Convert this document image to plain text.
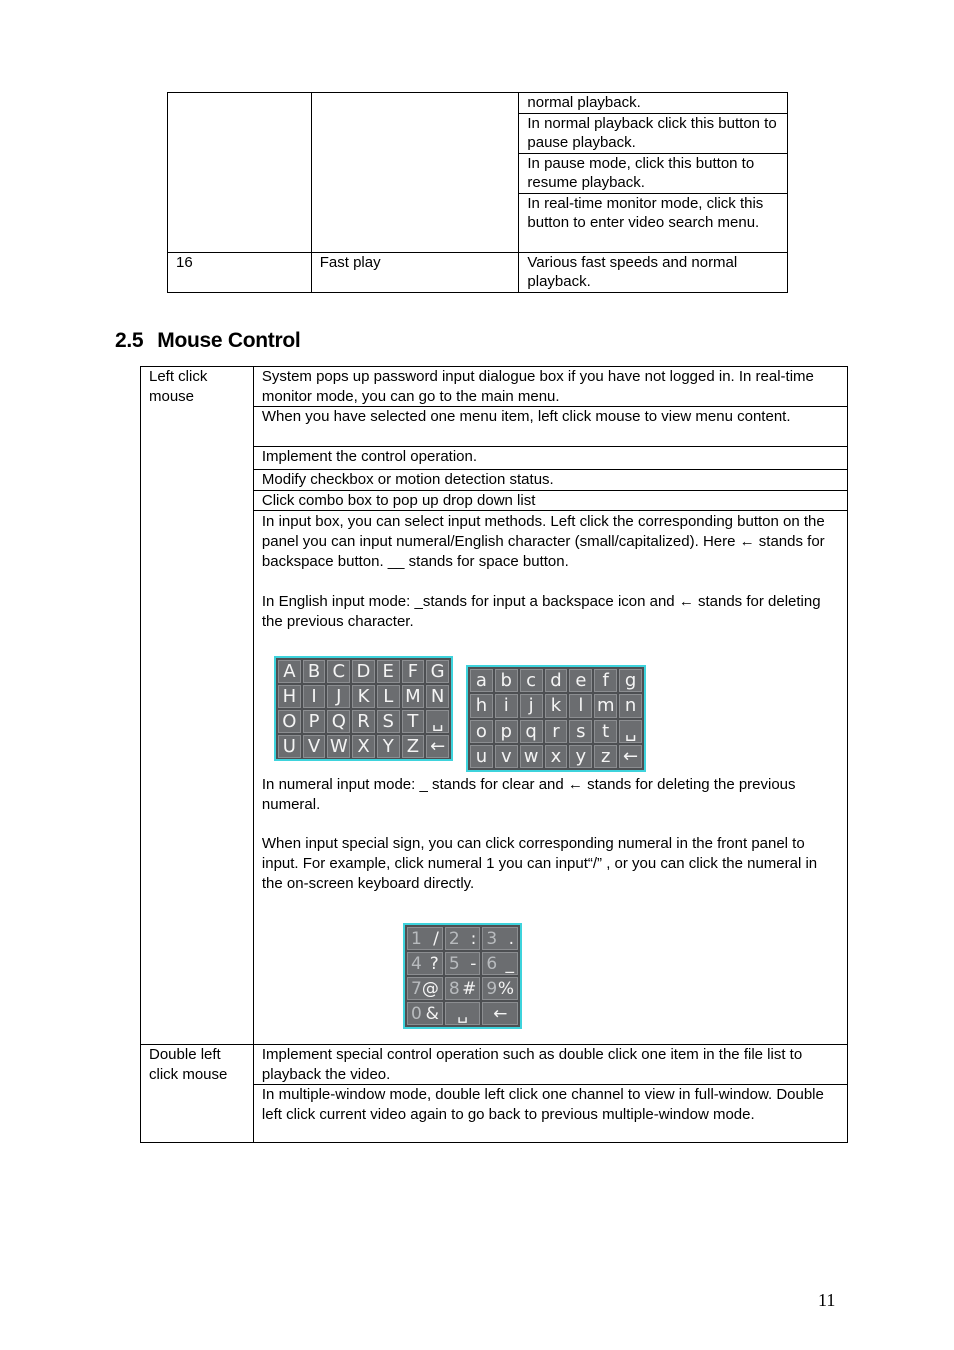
		normal playback.
		In normal playback click this button to pause playback.
		In pause mode, click this button to resume playback.
		In real-time monitor mode, click this button to enter video search menu.
16	Fast play	Various fast speeds and normal playback.
2.5 Mouse Control
Left click mouse	System pops up password input dialogue box if you have not logged in. In real-time monitor mode, you can go to the main menu.
	When you have selected one menu item, left click mouse to view menu content.
	Implement the control operation.
	Modify checkbox or motion detection status.
	Click combo box to pop up drop down list

	In input box, you can select input methods. Left click the corresponding button on the panel you can input numeral/English character (small/capitalized). Here ← stands for backspace button. __ stands for space button.
In English input mode: _stands for input a backspace icon and ← stands for deleting the previous character.
In numeral input mode: _ stands for clear and ← stands for deleting the previous numeral.
When input special sign, you can click corresponding numeral in the front panel to input. For example, click numeral 1 you can input“/” , or you can click the numeral in the on-screen keyboard directly.

Double left click mouse	Implement special control operation such as double click one item in the file list to playback the video.
	In multiple-window mode, double left click one channel to view in full-window. Double left click current video again to go back to previous multiple-window mode.
A B C D E F G
H I	J K L M N
O P Q R S T ␣
U V W X Y Z ←
a b c d e f g
h i	j k l m n
o p q r s t ␣
u v w x y z ←
1 / 2 : 3 .
4 ? 5 - 6 _
7 @ 8 # 9 %
0 & ␣ ←
11
